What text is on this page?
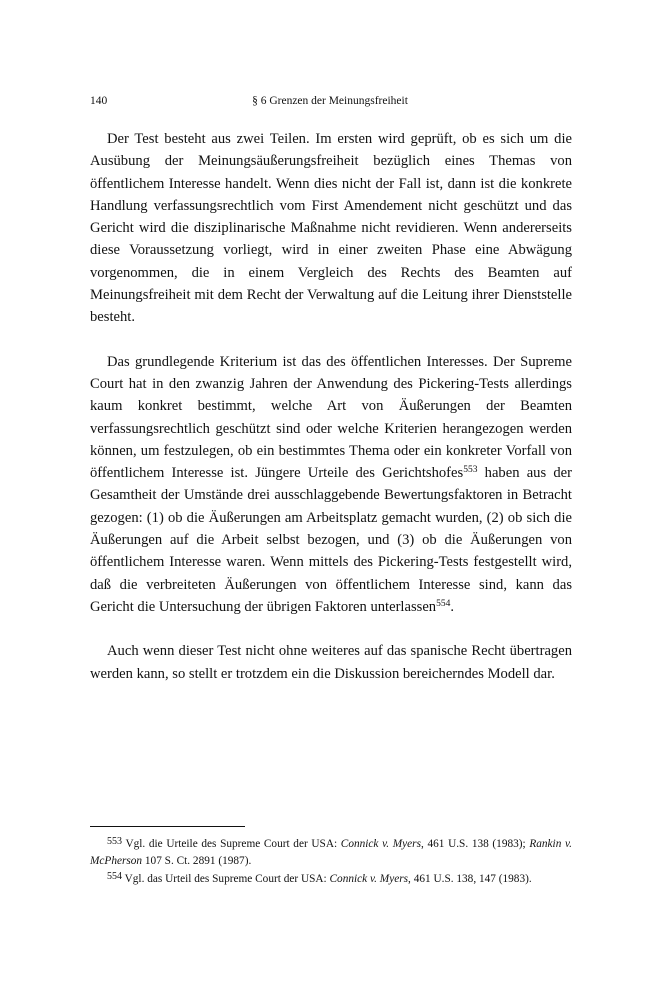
140	§ 6 Grenzen der Meinungsfreiheit

Der Test besteht aus zwei Teilen. Im ersten wird geprüft, ob es sich um die Ausübung der Meinungsäußerungsfreiheit bezüglich eines Themas von öffentlichem Interesse handelt. Wenn dies nicht der Fall ist, dann ist die konkrete Handlung verfassungsrechtlich vom First Amendement nicht geschützt und das Gericht wird die disziplinarische Maßnahme nicht revidieren. Wenn andererseits diese Voraussetzung vorliegt, wird in einer zweiten Phase eine Abwägung vorgenommen, die in einem Vergleich des Rechts des Beamten auf Meinungsfreiheit mit dem Recht der Verwaltung auf die Leitung ihrer Dienststelle besteht.

Das grundlegende Kriterium ist das des öffentlichen Interesses. Der Supreme Court hat in den zwanzig Jahren der Anwendung des Pickering-Tests allerdings kaum konkret bestimmt, welche Art von Äußerungen der Beamten verfassungsrechtlich geschützt sind oder welche Kriterien herangezogen werden können, um festzulegen, ob ein bestimmtes Thema oder ein konkreter Vorfall von öffentlichem Interesse ist. Jüngere Urteile des Gerichtshofes$^{553}$ haben aus der Gesamtheit der Umstände drei ausschlaggebende Bewertungsfaktoren in Betracht gezogen: (1) ob die Äußerungen am Arbeitsplatz gemacht wurden, (2) ob sich die Äußerungen auf die Arbeit selbst bezogen, und (3) ob die Äußerungen von öffentlichem Interesse waren. Wenn mittels des Pickering-Tests festgestellt wird, daß die verbreiteten Äußerungen von öffentlichem Interesse sind, kann das Gericht die Untersuchung der übrigen Faktoren unterlassen$^{554}$.

Auch wenn dieser Test nicht ohne weiteres auf das spanische Recht übertragen werden kann, so stellt er trotzdem ein die Diskussion bereicherndes Modell dar.

$^{553}$ Vgl. die Urteile des Supreme Court der USA: Connick v. Myers, 461 U.S. 138 (1983); Rankin v. McPherson 107 S. Ct. 2891 (1987).

$^{554}$ Vgl. das Urteil des Supreme Court der USA: Connick v. Myers, 461 U.S. 138, 147 (1983).
